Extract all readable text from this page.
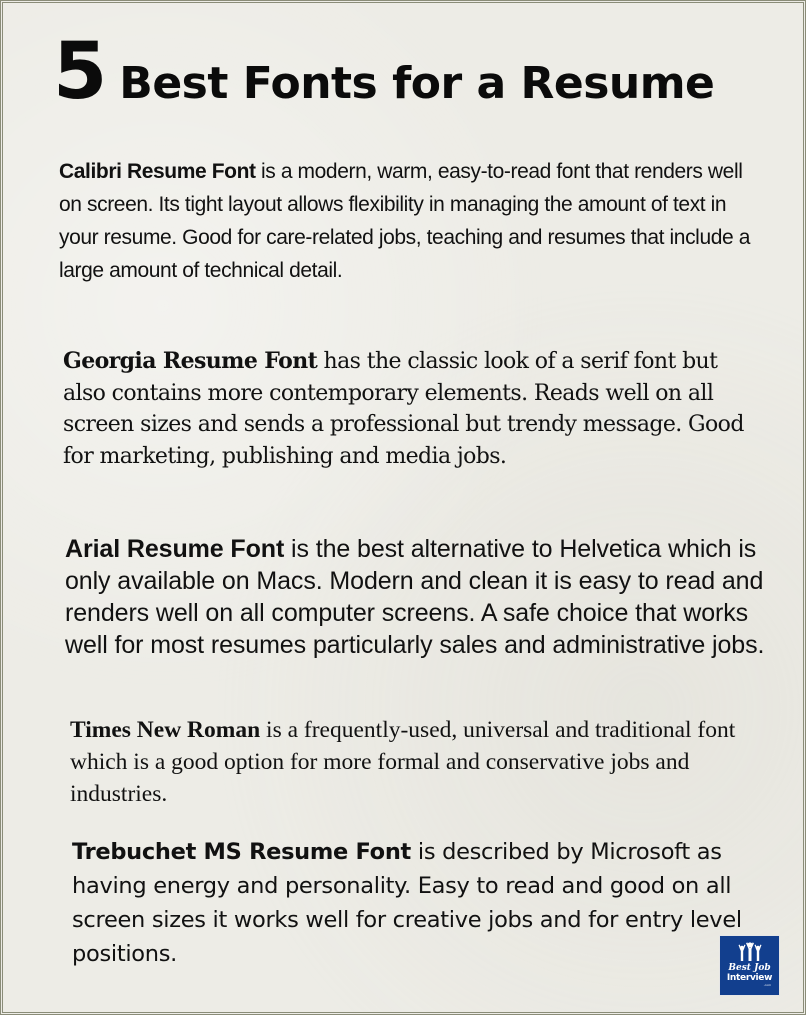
5 Best Fonts for a Resume

Calibri Resume Font is a modern, warm, easy-to-read font that renders well on screen. Its tight layout allows flexibility in managing the amount of text in your resume. Good for care-related jobs, teaching and resumes that include a large amount of technical detail.

Georgia Resume Font has the classic look of a serif font but also contains more contemporary elements. Reads well on all screen sizes and sends a professional but trendy message. Good for marketing, publishing and media jobs.

Arial Resume Font is the best alternative to Helvetica which is only available on Macs. Modern and clean it is easy to read and renders well on all computer screens. A safe choice that works well for most resumes particularly sales and administrative jobs.

Times New Roman is a frequently-used, universal and traditional font which is a good option for more formal and conservative jobs and industries.

Trebuchet MS Resume Font is described by Microsoft as having energy and personality. Easy to read and good on all screen sizes it works well for creative jobs and for entry level positions.

Best Job
Interview
.com
